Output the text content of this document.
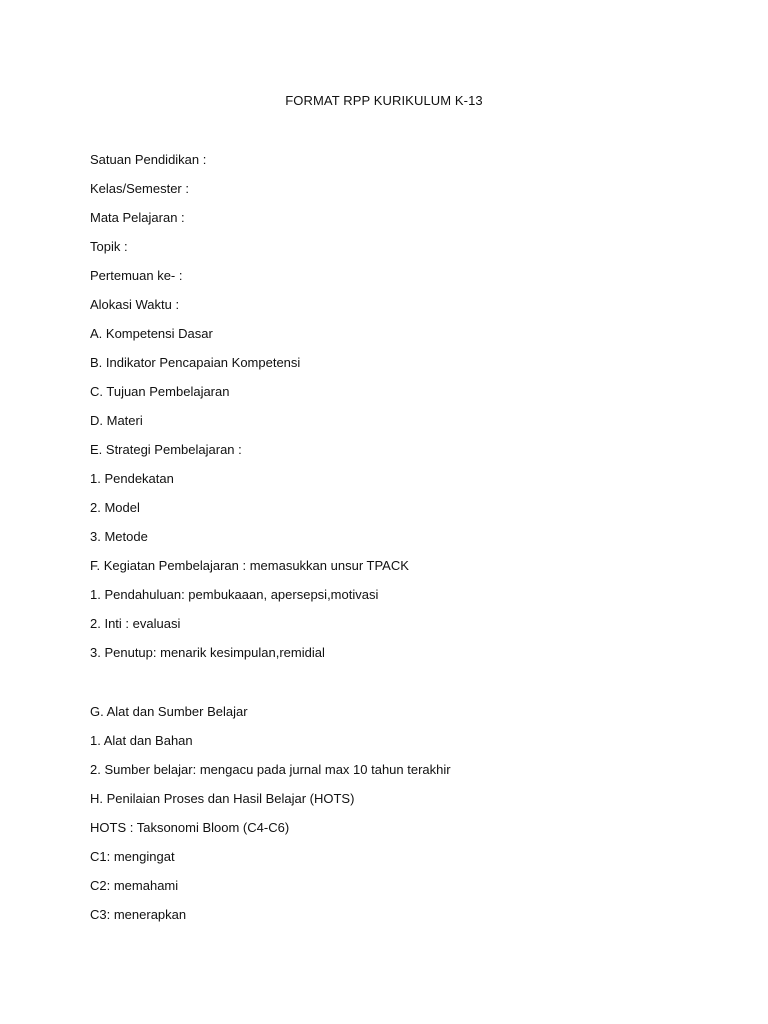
FORMAT RPP KURIKULUM K-13
Satuan Pendidikan :
Kelas/Semester :
Mata Pelajaran :
Topik :
Pertemuan ke- :
Alokasi Waktu :
A. Kompetensi Dasar
B. Indikator Pencapaian Kompetensi
C. Tujuan Pembelajaran
D. Materi
E. Strategi Pembelajaran :
1. Pendekatan
2. Model
3. Metode
F. Kegiatan Pembelajaran : memasukkan unsur TPACK
1. Pendahuluan: pembukaaan, apersepsi,motivasi
2. Inti : evaluasi
3. Penutup: menarik kesimpulan,remidial
G. Alat dan Sumber Belajar
1. Alat dan Bahan
2. Sumber belajar: mengacu pada jurnal max 10 tahun terakhir
H. Penilaian Proses dan Hasil Belajar (HOTS)
HOTS : Taksonomi Bloom (C4-C6)
C1: mengingat
C2: memahami
C3: menerapkan
